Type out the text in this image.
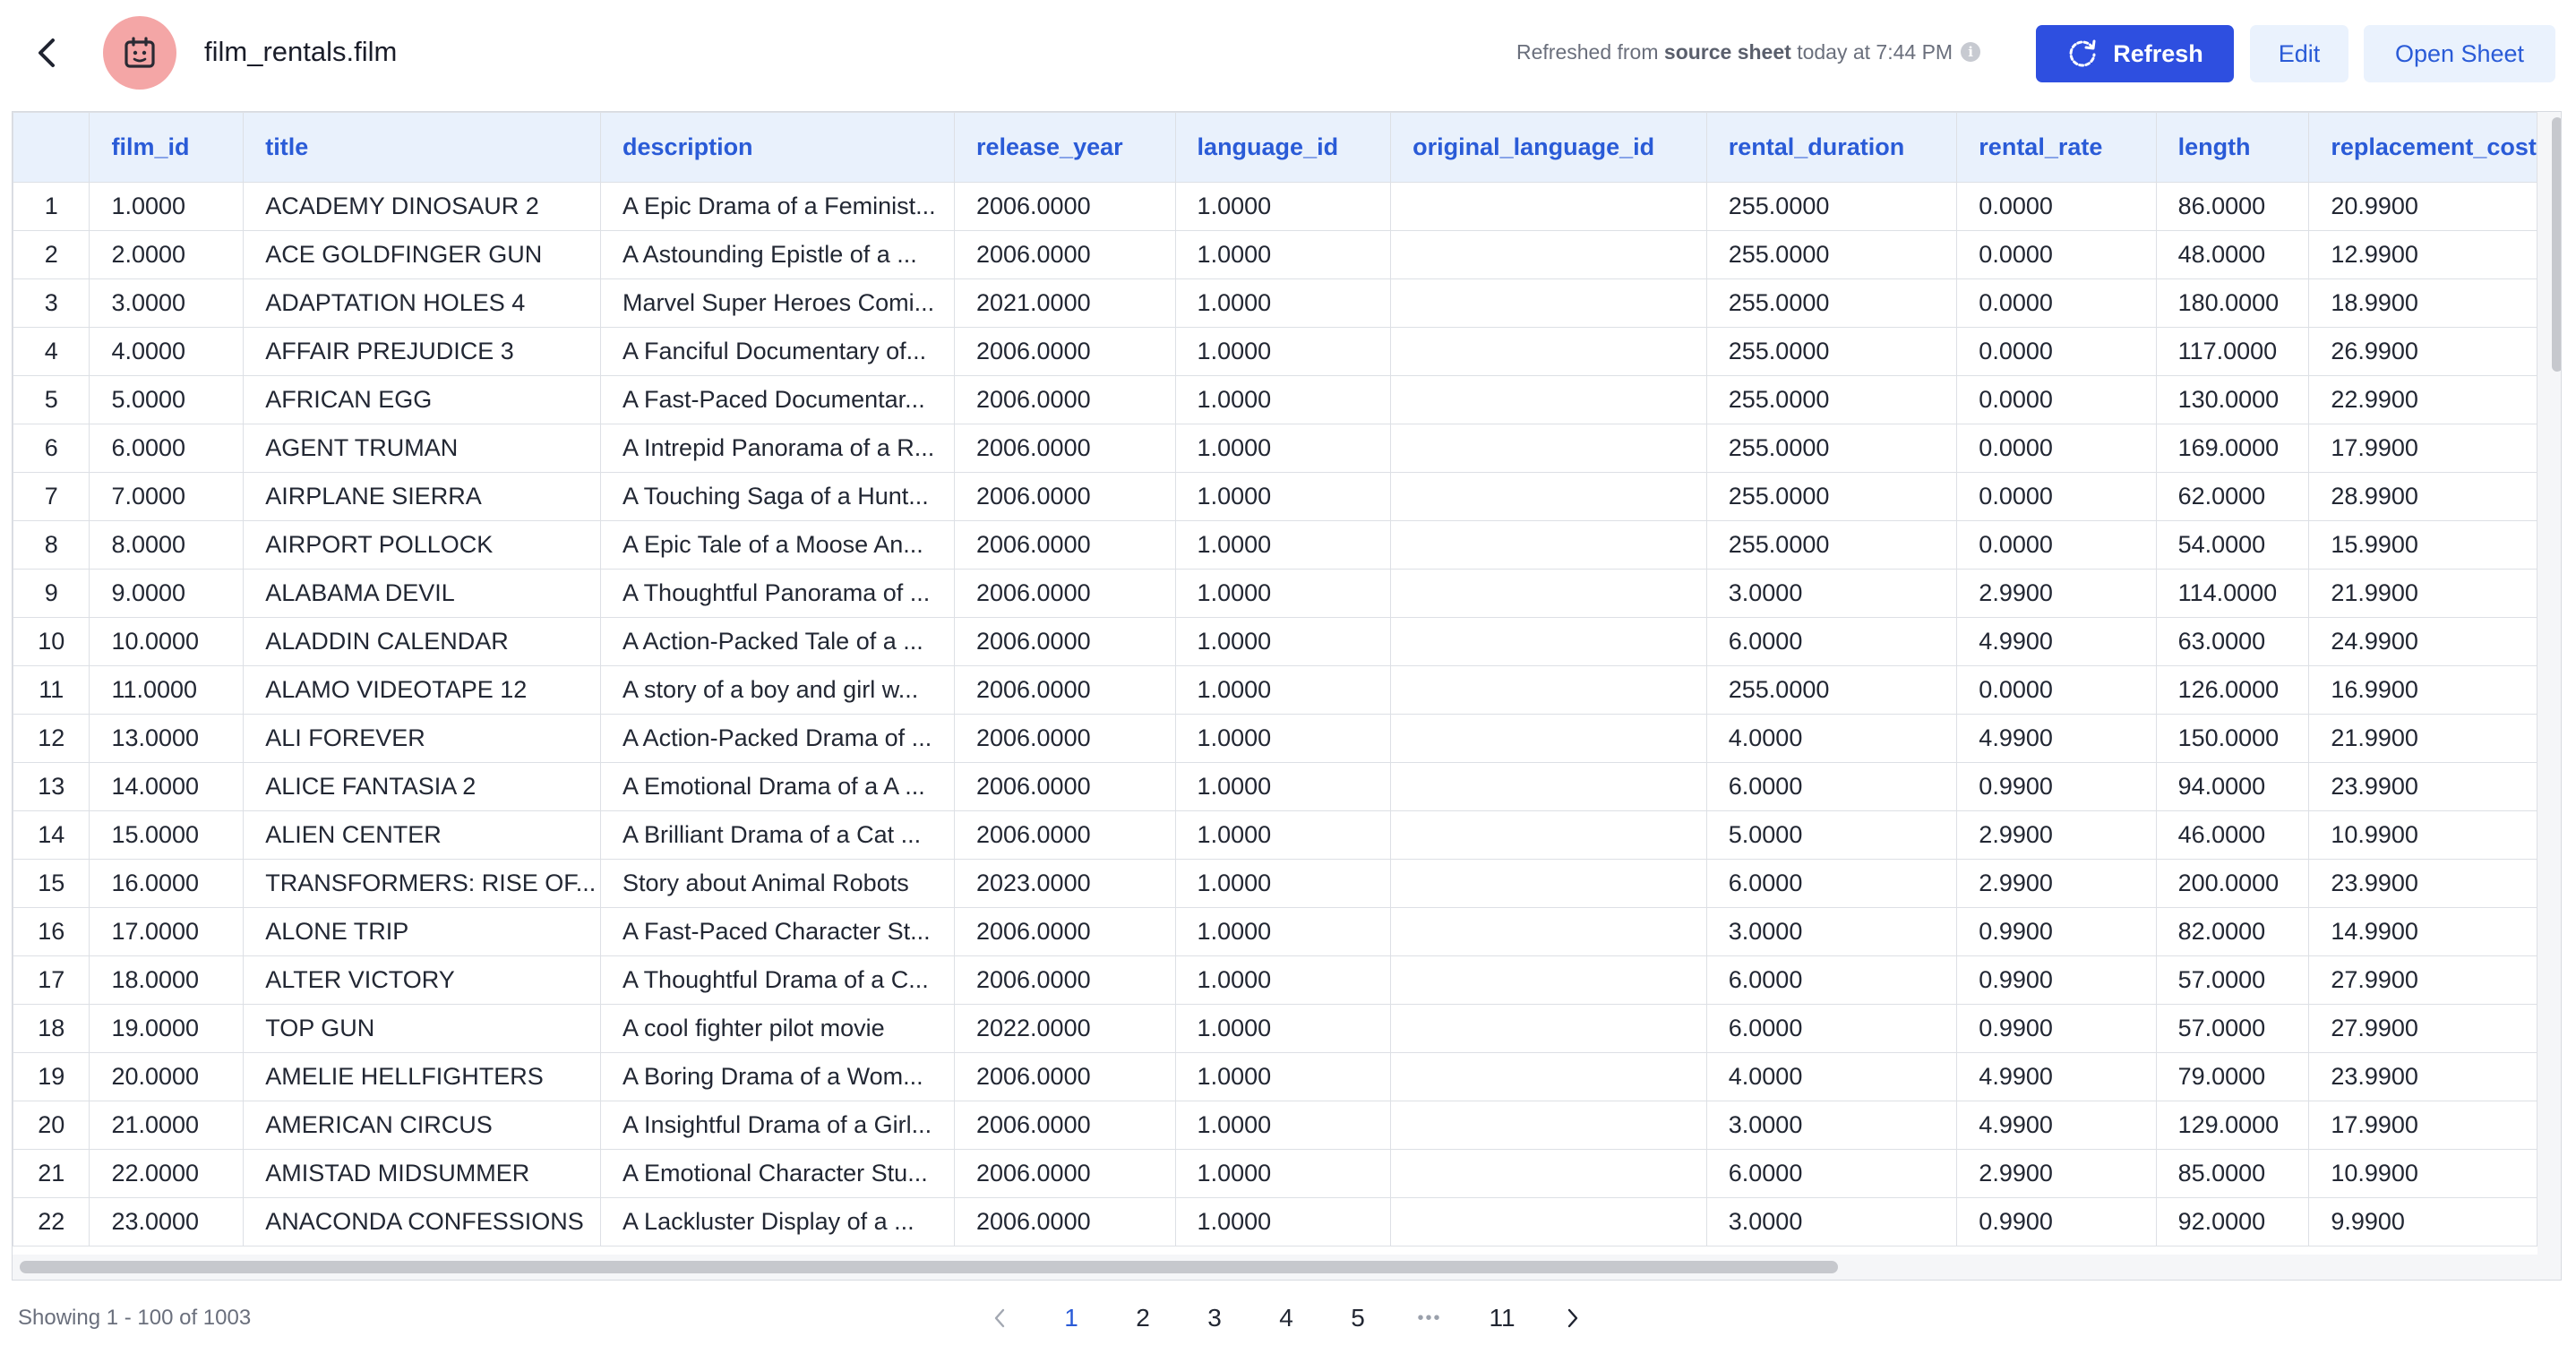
film_rentals.film	Refreshed from
source sheet
today at 7:44 PM	i	Refresh	Edit	Open Sheet
	film_id	title	description	release_year	language_id	original_language_id	rental_duration	rental_rate	length	replacement_cost
1	1.0000	ACADEMY DINOSAUR 2	A Epic Drama of a Feminist...	2006.0000	1.0000		255.0000	0.0000	86.0000	20.9900
2	2.0000	ACE GOLDFINGER GUN	A Astounding Epistle of a ...	2006.0000	1.0000		255.0000	0.0000	48.0000	12.9900
3	3.0000	ADAPTATION HOLES 4	Marvel Super Heroes Comi...	2021.0000	1.0000		255.0000	0.0000	180.0000	18.9900
4	4.0000	AFFAIR PREJUDICE 3	A Fanciful Documentary of...	2006.0000	1.0000		255.0000	0.0000	117.0000	26.9900
5	5.0000	AFRICAN EGG	A Fast-Paced Documentar...	2006.0000	1.0000		255.0000	0.0000	130.0000	22.9900
6	6.0000	AGENT TRUMAN	A Intrepid Panorama of a R...	2006.0000	1.0000		255.0000	0.0000	169.0000	17.9900
7	7.0000	AIRPLANE SIERRA	A Touching Saga of a Hunt...	2006.0000	1.0000		255.0000	0.0000	62.0000	28.9900
8	8.0000	AIRPORT POLLOCK	A Epic Tale of a Moose An...	2006.0000	1.0000		255.0000	0.0000	54.0000	15.9900
9	9.0000	ALABAMA DEVIL	A Thoughtful Panorama of ...	2006.0000	1.0000		3.0000	2.9900	114.0000	21.9900
10	10.0000	ALADDIN CALENDAR	A Action-Packed Tale of a ...	2006.0000	1.0000		6.0000	4.9900	63.0000	24.9900
11	11.0000	ALAMO VIDEOTAPE 12	A story of a boy and girl w...	2006.0000	1.0000		255.0000	0.0000	126.0000	16.9900
12	13.0000	ALI FOREVER	A Action-Packed Drama of ...	2006.0000	1.0000		4.0000	4.9900	150.0000	21.9900
13	14.0000	ALICE FANTASIA 2	A Emotional Drama of a A ...	2006.0000	1.0000		6.0000	0.9900	94.0000	23.9900
14	15.0000	ALIEN CENTER	A Brilliant Drama of a Cat ...	2006.0000	1.0000		5.0000	2.9900	46.0000	10.9900
15	16.0000	TRANSFORMERS: RISE OF...	Story about Animal Robots	2023.0000	1.0000		6.0000	2.9900	200.0000	23.9900
16	17.0000	ALONE TRIP	A Fast-Paced Character St...	2006.0000	1.0000		3.0000	0.9900	82.0000	14.9900
17	18.0000	ALTER VICTORY	A Thoughtful Drama of a C...	2006.0000	1.0000		6.0000	0.9900	57.0000	27.9900
18	19.0000	TOP GUN	A cool fighter pilot movie	2022.0000	1.0000		6.0000	0.9900	57.0000	27.9900
19	20.0000	AMELIE HELLFIGHTERS	A Boring Drama of a Wom...	2006.0000	1.0000		4.0000	4.9900	79.0000	23.9900
20	21.0000	AMERICAN CIRCUS	A Insightful Drama of a Girl...	2006.0000	1.0000		3.0000	4.9900	129.0000	17.9900
21	22.0000	AMISTAD MIDSUMMER	A Emotional Character Stu...	2006.0000	1.0000		6.0000	2.9900	85.0000	10.9900
22	23.0000	ANACONDA CONFESSIONS	A Lackluster Display of a ...	2006.0000	1.0000		3.0000	0.9900	92.0000	9.9900
Showing 1 - 100 of 1003	1	2	3	4	5	•••	11
